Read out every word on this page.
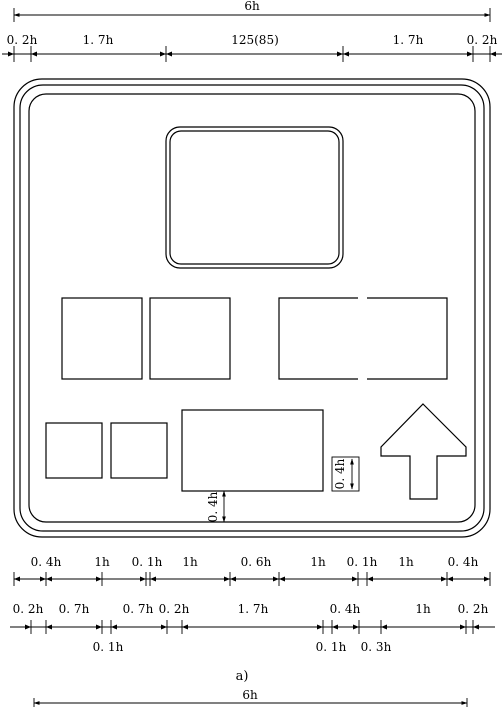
6h
0. 2h	1. 7h	125(85)	1. 7h	0. 2h
0. 4h
0. 4h
0. 4h	1h 0. 1h 1h	0. 6h	1h 0. 1h 1h	0. 4h
0. 2h 0. 7h	0. 7h 0. 2h	1. 7h	0. 4h	1h 0. 2h
0. 1h	0. 1h 0. 3h
a)
6h
